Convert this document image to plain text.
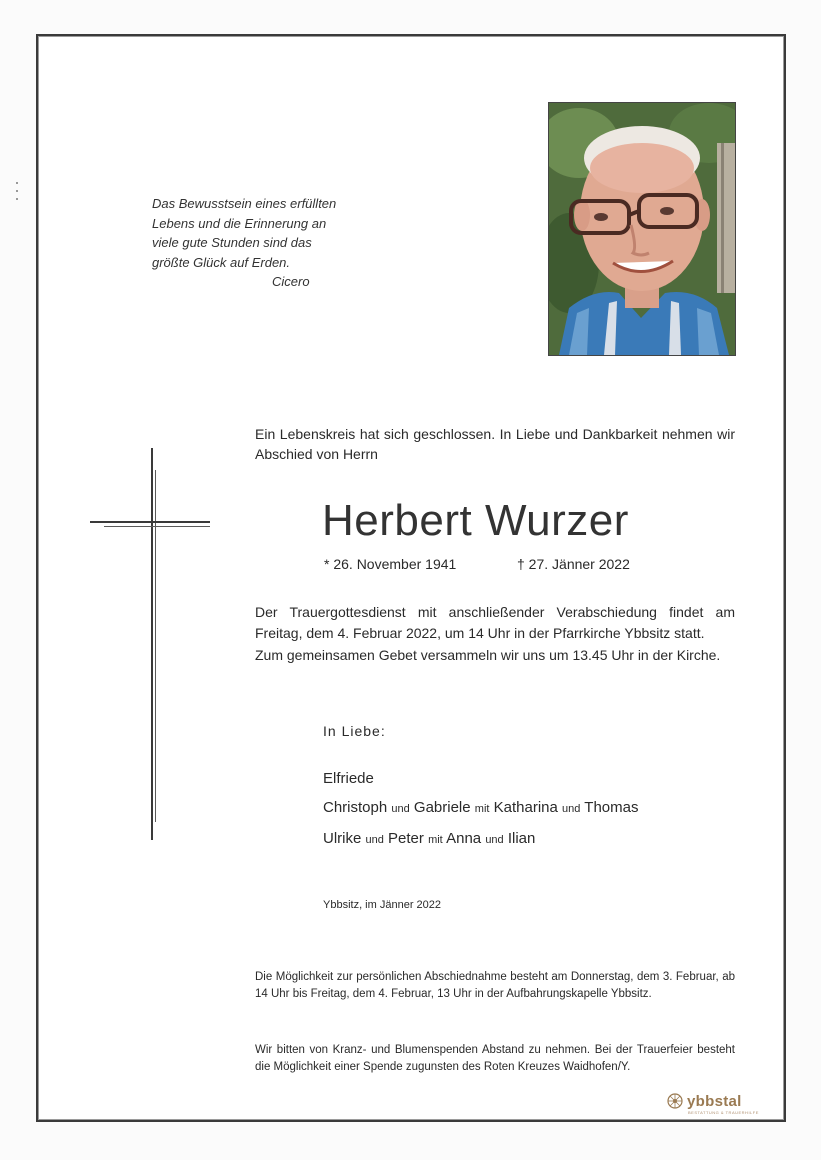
Das Bewusstsein eines erfüllten
Lebens und die Erinnerung an
viele gute Stunden sind das
größte Glück auf Erden.
Cicero
Ein Lebenskreis hat sich geschlossen. In Liebe und Dankbarkeit nehmen wir Abschied von Herrn
Herbert Wurzer
* 26. November 1941	† 27. Jänner 2022
Der Trauergottesdienst mit anschließender Verabschiedung findet am Freitag, dem 4. Februar 2022, um 14 Uhr in der Pfarrkirche Ybbsitz statt.
Zum gemeinsamen Gebet versammeln wir uns um 13.45 Uhr in der Kirche.
In Liebe:
Elfriede
Christoph und Gabriele mit Katharina und Thomas
Ulrike und Peter mit Anna und Ilian
Ybbsitz, im Jänner 2022
Die Möglichkeit zur persönlichen Abschiednahme besteht am Donnerstag, dem 3. Februar, ab 14 Uhr bis Freitag, dem 4. Februar, 13 Uhr in der Aufbahrungskapelle Ybbsitz.
Wir bitten von Kranz- und Blumenspenden Abstand zu nehmen. Bei der Trauerfeier besteht die Möglichkeit einer Spende zugunsten des Roten Kreuzes Waidhofen/Y.
ybbstal
BESTATTUNG & TRAUERHILFE
